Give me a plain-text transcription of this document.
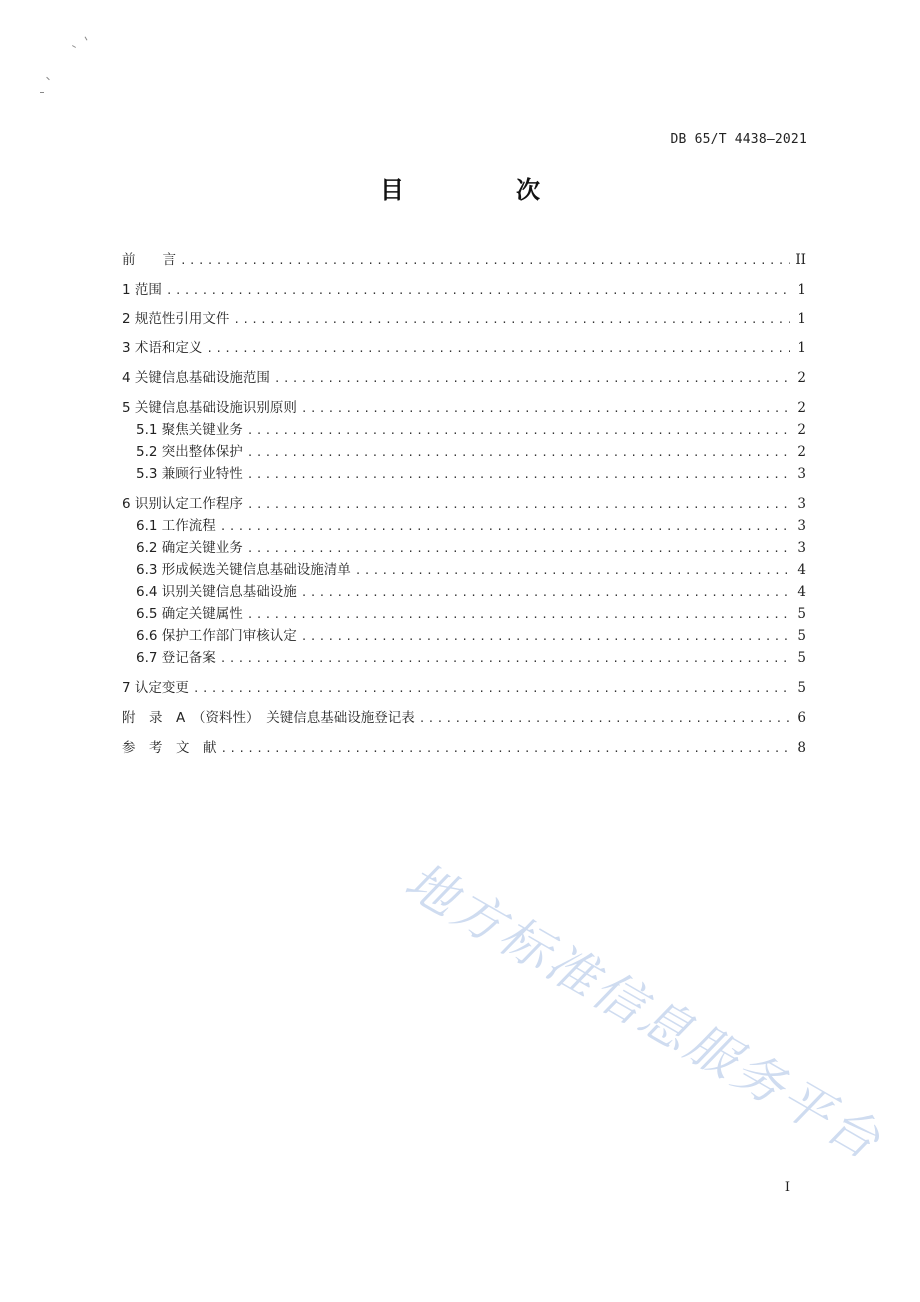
DB 65/T 4438—2021
目　次
前　　言 .....	II
1 范围 .....	1
2 规范性引用文件 .....	1
3 术语和定义 .....	1
4 关键信息基础设施范围 .....	2
5 关键信息基础设施识别原则 .....	2
5.1 聚焦关键业务 .....	2
5.2 突出整体保护 .....	2
5.3 兼顾行业特性 .....	3
6 识别认定工作程序 .....	3
6.1 工作流程 .....	3
6.2 确定关键业务 .....	3
6.3 形成候选关键信息基础设施清单 .....	4
6.4 识别关键信息基础设施 .....	4
6.5 确定关键属性 .....	5
6.6 保护工作部门审核认定 .....	5
6.7 登记备案 .....	5
7 认定变更 .....	5
附　录　A　（资料性）　关键信息基础设施登记表 .....	6
参　考　文　献 .....	8
地方标准信息服务平台
I
